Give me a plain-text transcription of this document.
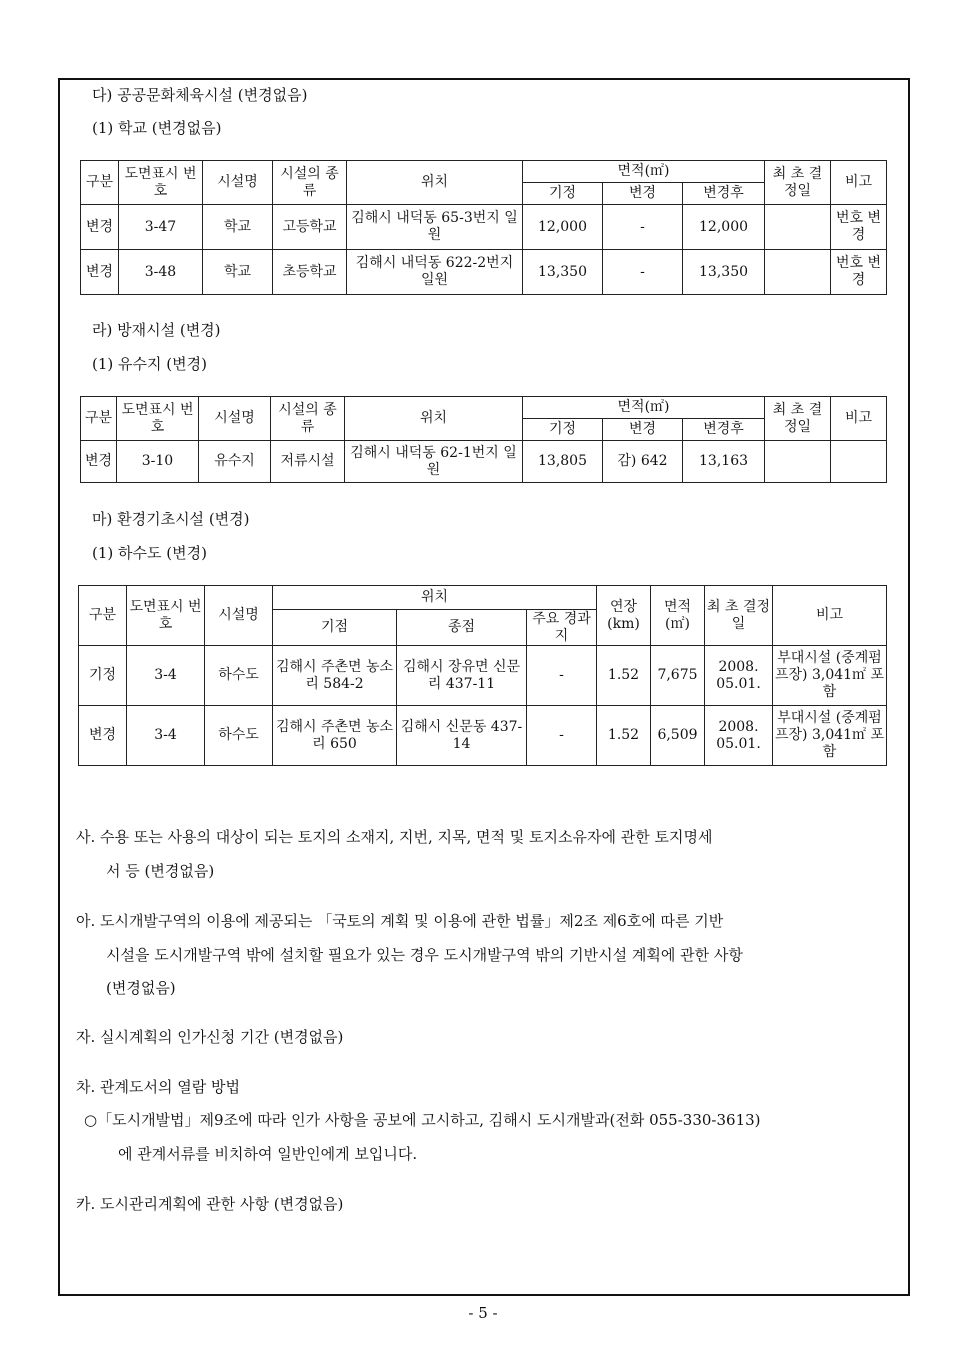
다) 공공문화체육시설 (변경없음)
(1) 학교 (변경없음)
구분	도면표시 번호	시설명	시설의 종류	위치	면적(㎡)			최 초 결정일	비고
					기정	변경	변경후		
변경	3-47	학교	고등학교	김해시 내덕동 65-3번지 일원	12,000	-	12,000		번호 변경
변경	3-48	학교	초등학교	김해시 내덕동 622-2번지 일원	13,350	-	13,350		번호 변경
라) 방재시설 (변경)
(1) 유수지 (변경)
구분	도면표시 번호	시설명	시설의 종류	위치	면적(㎡)			최 초 결정일	비고
					기정	변경	변경후		
변경	3-10	유수지	저류시설	김해시 내덕동 62-1번지 일원	13,805	감) 642	13,163		
마) 환경기초시설 (변경)
(1) 하수도 (변경)
구분	도면표시 번호	시설명	위치			연장 (km)	면적 (㎡)	최 초 결정일	비고
			기점	종점	주요 경과지				
기정	3-4	하수도	김해시 주촌면 농소리 584-2	김해시 장유면 신문리 437-11	-	1.52	7,675	2008. 05.01.	부대시설 (중계펌프장) 3,041㎡ 포함
변경	3-4	하수도	김해시 주촌면 농소리 650	김해시 신문동 437-14	-	1.52	6,509	2008. 05.01.	부대시설 (중계펌프장) 3,041㎡ 포함
사. 수용 또는 사용의 대상이 되는 토지의 소재지, 지번, 지목, 면적 및 토지소유자에 관한 토지명세
서 등 (변경없음)
아. 도시개발구역의 이용에 제공되는 「국토의 계획 및 이용에 관한 법률」제2조 제6호에 따른 기반
시설을 도시개발구역 밖에 설치할 필요가 있는 경우 도시개발구역 밖의 기반시설 계획에 관한 사항
(변경없음)
자. 실시계획의 인가신청 기간 (변경없음)
차. 관계도서의 열람 방법
○「도시개발법」제9조에 따라 인가 사항을 공보에 고시하고, 김해시 도시개발과(전화 055-330-3613)
에 관계서류를 비치하여 일반인에게 보입니다.
카. 도시관리계획에 관한 사항 (변경없음)
- 5 -
